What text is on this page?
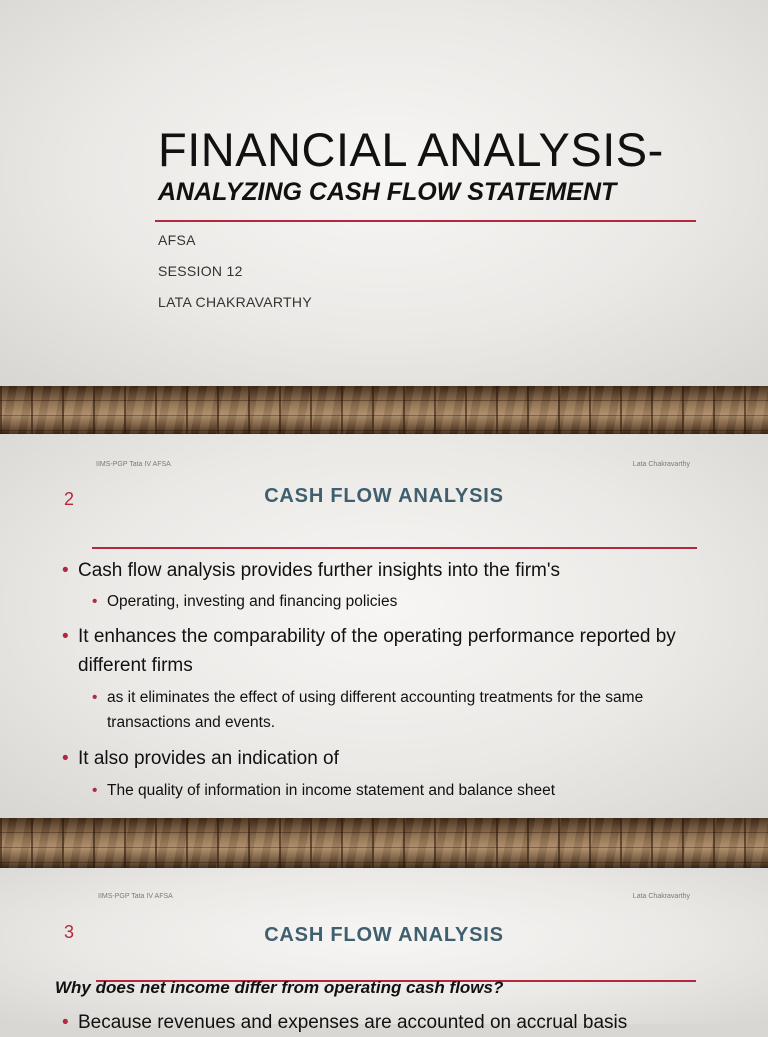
FINANCIAL ANALYSIS-
ANALYZING CASH FLOW STATEMENT
AFSA
SESSION 12
LATA CHAKRAVARTHY
IIMS-PGP Tata IV AFSA	Lata Chakravarthy
2	CASH FLOW ANALYSIS
• Cash flow analysis provides further insights into the firm's
• Operating, investing and financing policies
• It enhances the comparability of the operating performance reported by different firms
• as it eliminates the effect of using different accounting treatments for the same transactions and events.
• It also provides an indication of
• The quality of information in income statement and balance sheet
IIMS-PGP Tata IV AFSA	Lata Chakravarthy
3	CASH FLOW ANALYSIS
Why does net income differ from operating cash flows?
• Because revenues and expenses are accounted on accrual basis
